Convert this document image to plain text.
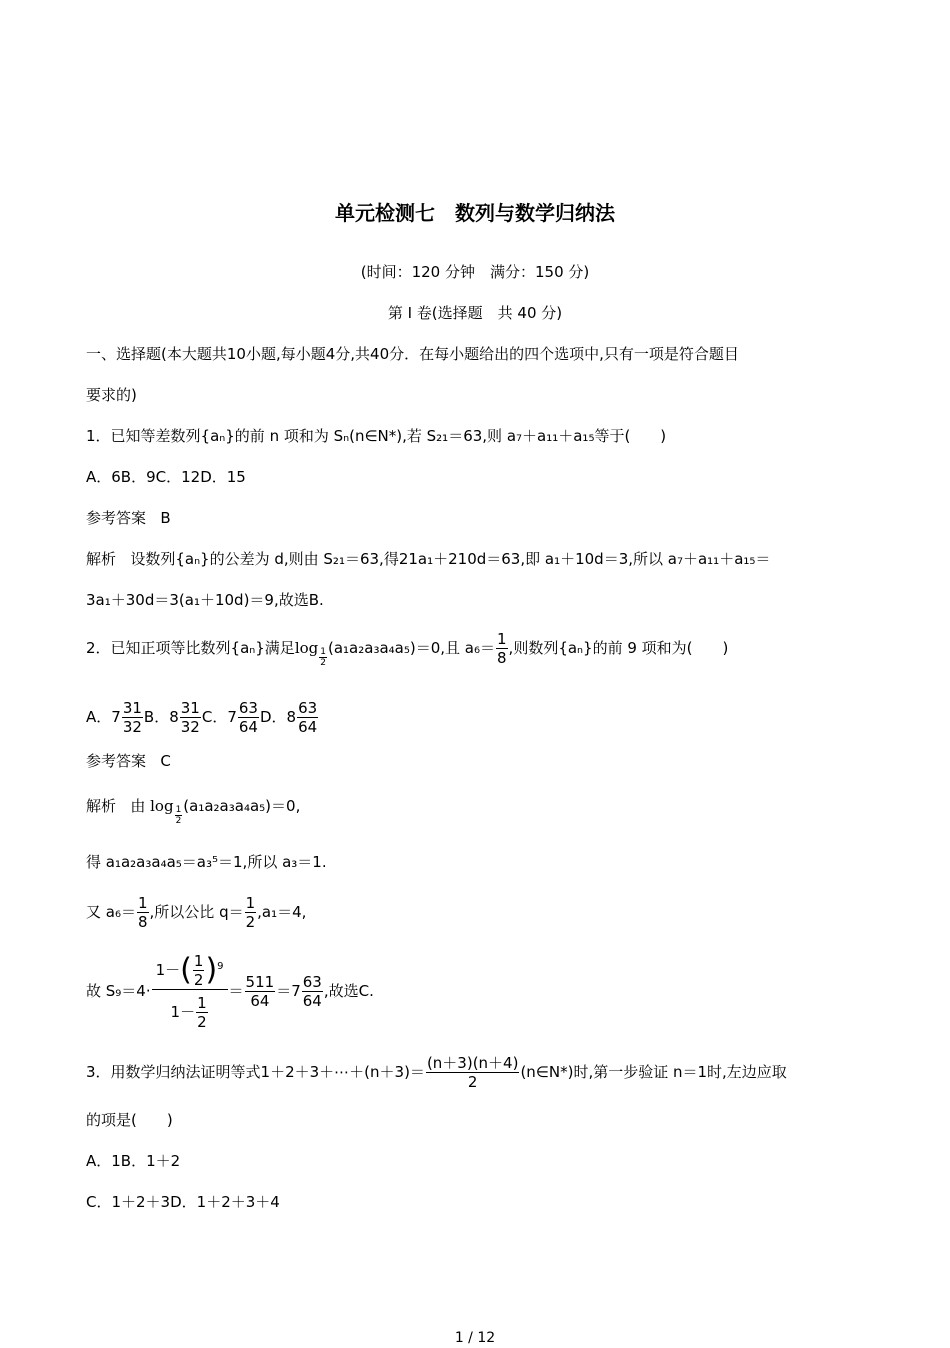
单元检测七　数列与数学归纳法
(时间：120 分钟　满分：150 分)
第 Ⅰ 卷(选择题　共 40 分)
一、选择题(本大题共10小题,每小题4分,共40分．在每小题给出的四个选项中,只有一项是符合题目
要求的)
1．已知等差数列{aₙ}的前 n 项和为 Sₙ(n∈N*),若 S₂₁＝63,则 a₇＋a₁₁＋a₁₅等于(　　)
A．6B．9C．12D．15
参考答案 B
解析 设数列{aₙ}的公差为 d,则由 S₂₁＝63,得21a₁＋210d＝63,即 a₁＋10d＝3,所以 a₇＋a₁₁＋a₁₅＝
3a₁＋30d＝3(a₁＋10d)＝9,故选B.
2．已知正项等比数列{aₙ}满足$\log \frac{1}{2} (a_1a_2a_3a_4a_5)=0$,且 $a_6= \frac{1}{8}$ ,则数列{aₙ}的前 9 项和为(　　)
A．$7 \frac{31}{32}$ B．$8 \frac{31}{32}$ C．$7 \frac{63}{64}$ D．$8 \frac{63}{64}$
参考答案 C
解析 由 $\log \frac{1}{2} (a_1a_2a_3a_4a_5)=0$,
得 a₁a₂a₃a₄a₅＝a₃⁵＝1,所以 a₃＝1.
又 $a_6= \frac{1}{8}$ ,所以公比 $q= \frac{1}{2} ,a_1=4$,
故 $S_9=4\cdot \frac{1-( \frac{1}{2} )^9}{1- \frac{1}{2}} = \frac{511}{64} =7 \frac{63}{64}$ ,故选C.
3．用数学归纳法证明等式1＋2＋3＋⋯＋(n＋3)＝ $\frac{(n+3)(n+4)}{2}$ (n∈N*)时,第一步验证 n＝1时,左边应取
的项是(　　)
A．1B．1＋2
C．1＋2＋3D．1＋2＋3＋4
1 / 12
